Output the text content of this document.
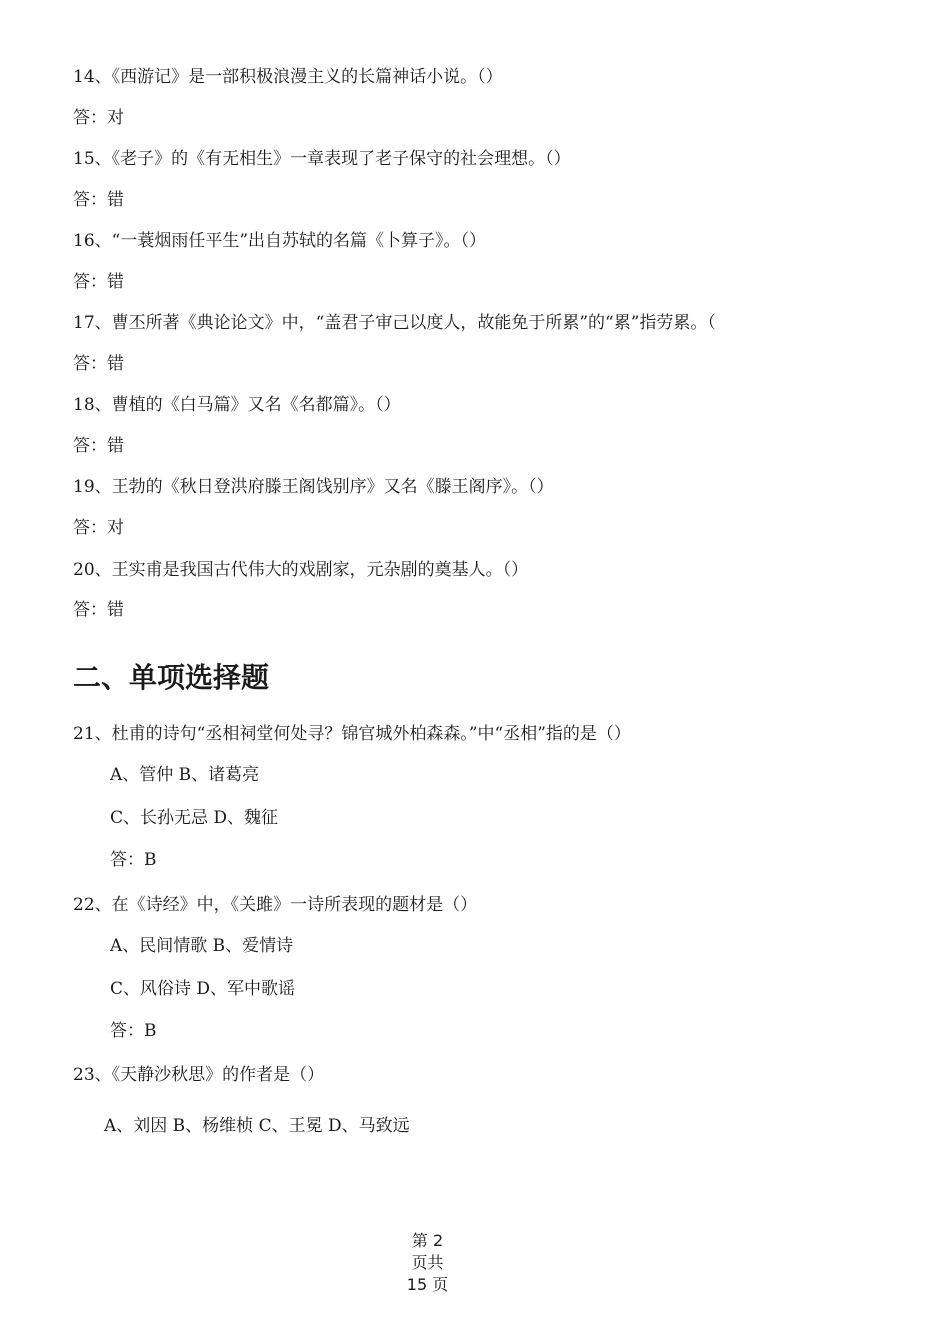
14、《西游记》是一部积极浪漫主义的长篇神话小说。（）
答：对
15、《老子》的《有无相生》一章表现了老子保守的社会理想。（）
答：错
16、“一蓑烟雨任平生”出自苏轼的名篇《卜算子》。（）
答：错
17、曹丕所著《典论论文》中，“盖君子审己以度人，故能免于所累”的“累”指劳累。（
答：错
18、曹植的《白马篇》又名《名都篇》。（）
答：错
19、王勃的《秋日登洪府滕王阁饯别序》又名《滕王阁序》。（）
答：对
20、王实甫是我国古代伟大的戏剧家，元杂剧的奠基人。（）
答：错
二、单项选择题
21、杜甫的诗句“丞相祠堂何处寻？锦官城外柏森森。”中“丞相”指的是（）
A、管仲 B、诸葛亮
C、长孙无忌 D、魏征
答：B
22、在《诗经》中，《关雎》一诗所表现的题材是（）
A、民间情歌 B、爱情诗
C、风俗诗 D、军中歌谣
答：B
23、《天静沙秋思》的作者是（）
A、刘因 B、杨维桢 C、王冕 D、马致远
第 2
页共
15 页
